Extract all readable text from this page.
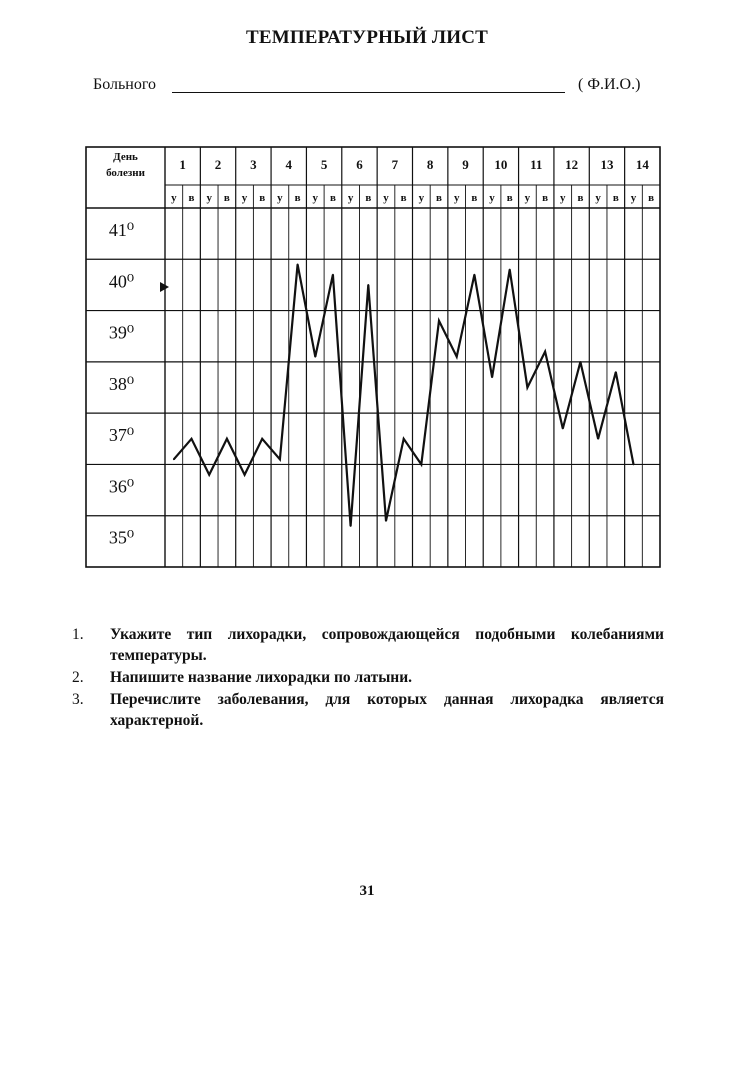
ТЕМПЕРАТУРНЫЙ ЛИСТ
Больного	( Ф.И.О.)
1
у в
2
у в
3
у в
4
у в
5
у в
6
у в
7
у в
8
у в
9
у в
10
у в
11
у в
12
у в
13
у в
14
у в
День
болезни
41⁰
40⁰
39⁰
38⁰
37⁰
36⁰
35⁰
1.	Укажите тип лихорадки, сопровождающейся подобными колебаниями температуры.
2.	Напишите название лихорадки по латыни.
3.	Перечислите заболевания, для которых данная лихорадка является характерной.
31
